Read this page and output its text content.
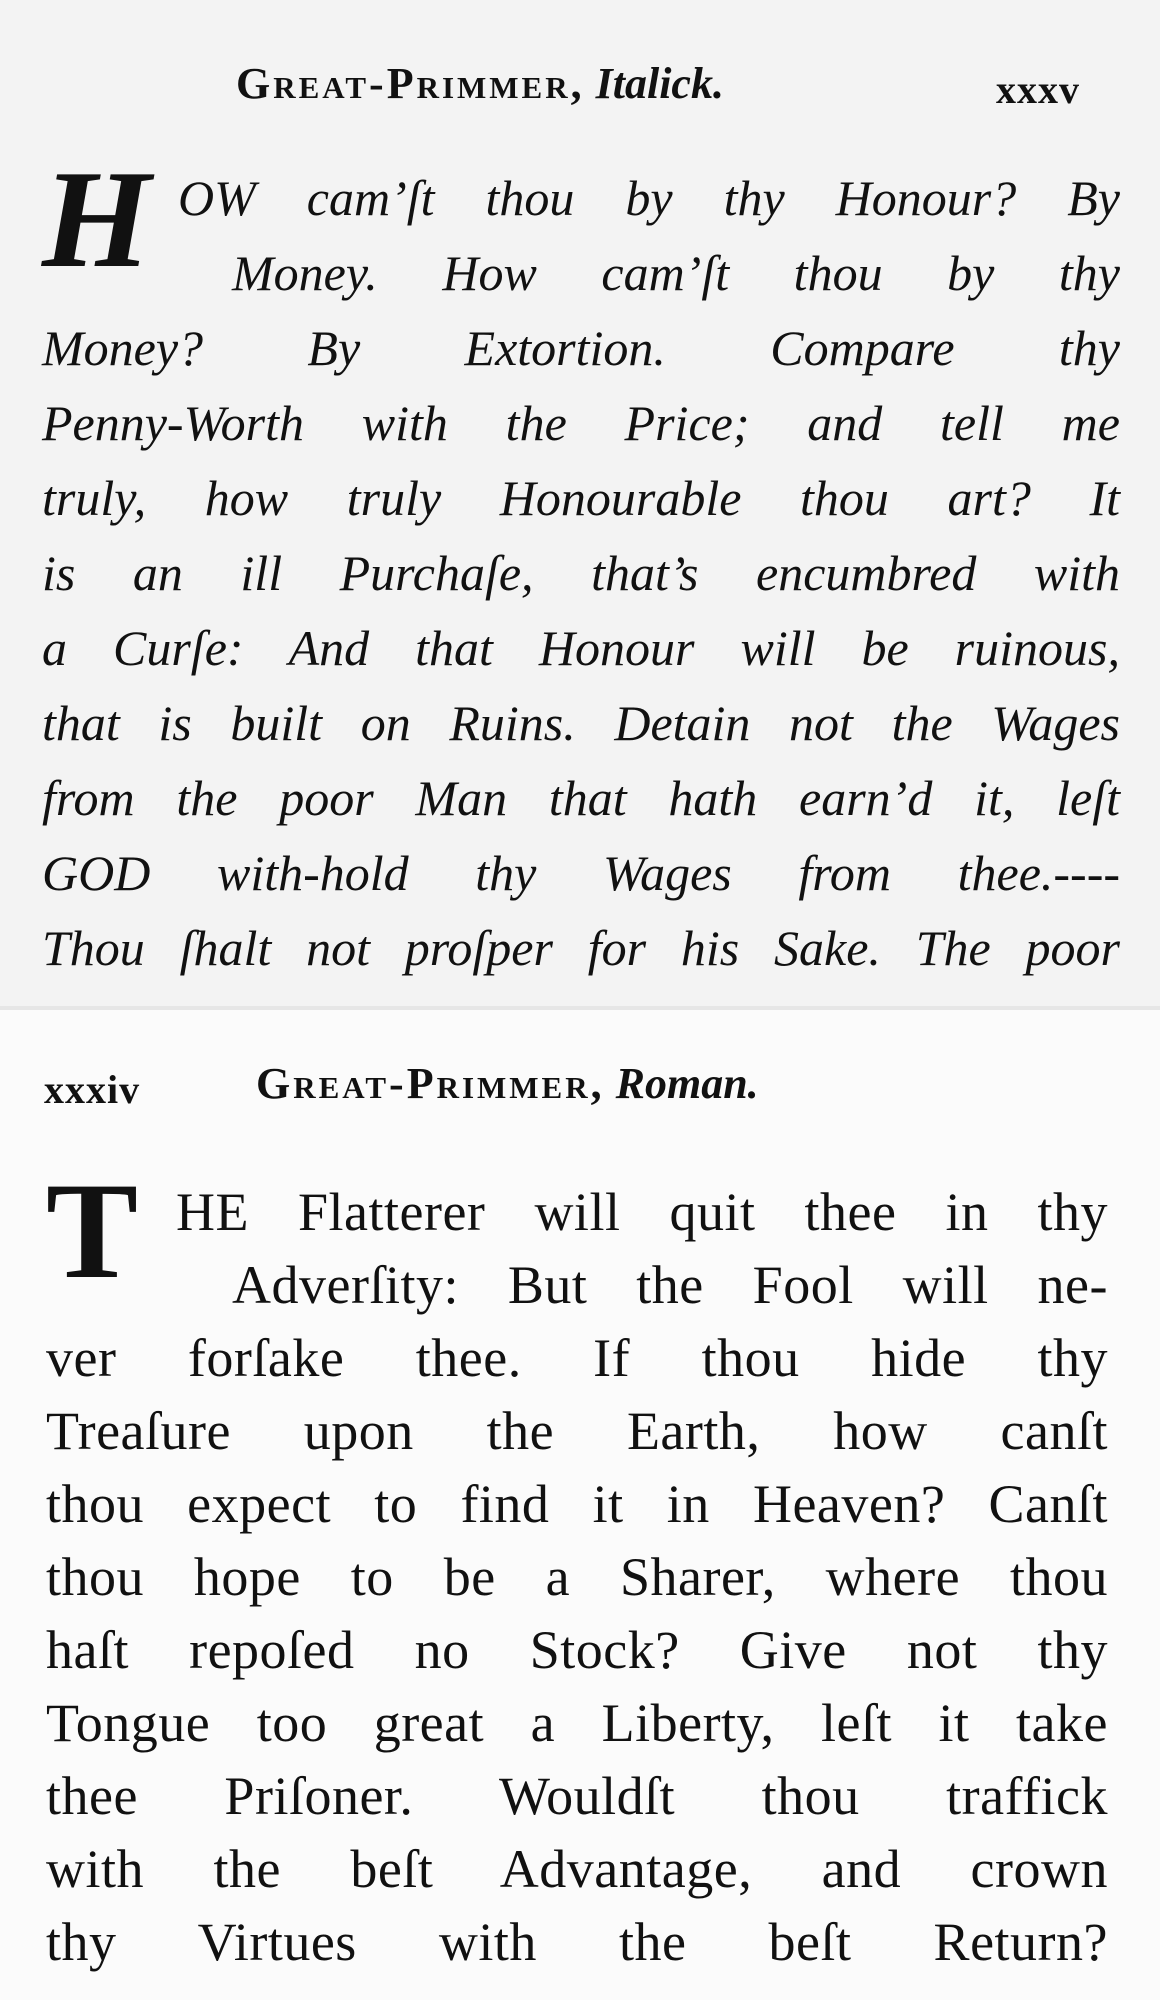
Great-Primmer, Italick.	xxxv
H OW cam’ſt thou by thy Honour? By
Money. How cam’ſt thou by thy
Money? By Extortion. Compare thy
Penny-Worth with the Price; and tell me
truly, how truly Honourable thou art? It
is an ill Purchaſe, that’s encumbred with
a Curſe: And that Honour will be ruinous,
that is built on Ruins. Detain not the Wages
from the poor Man that hath earn’d it, leſt
GOD with-hold thy Wages from thee.----
Thou ſhalt not proſper for his Sake. The poor
xxxiv	Great-Primmer, Roman.
T HE Flatterer will quit thee in thy
Adverſity: But the Fool will ne-
ver forſake thee. If thou hide thy
Treaſure upon the Earth, how canſt
thou expect to find it in Heaven? Canſt
thou hope to be a Sharer, where thou
haſt repoſed no Stock? Give not thy
Tongue too great a Liberty, leſt it take
thee Priſoner. Wouldſt thou traffick
with the beſt Advantage, and crown
thy Virtues with the beſt Return?
